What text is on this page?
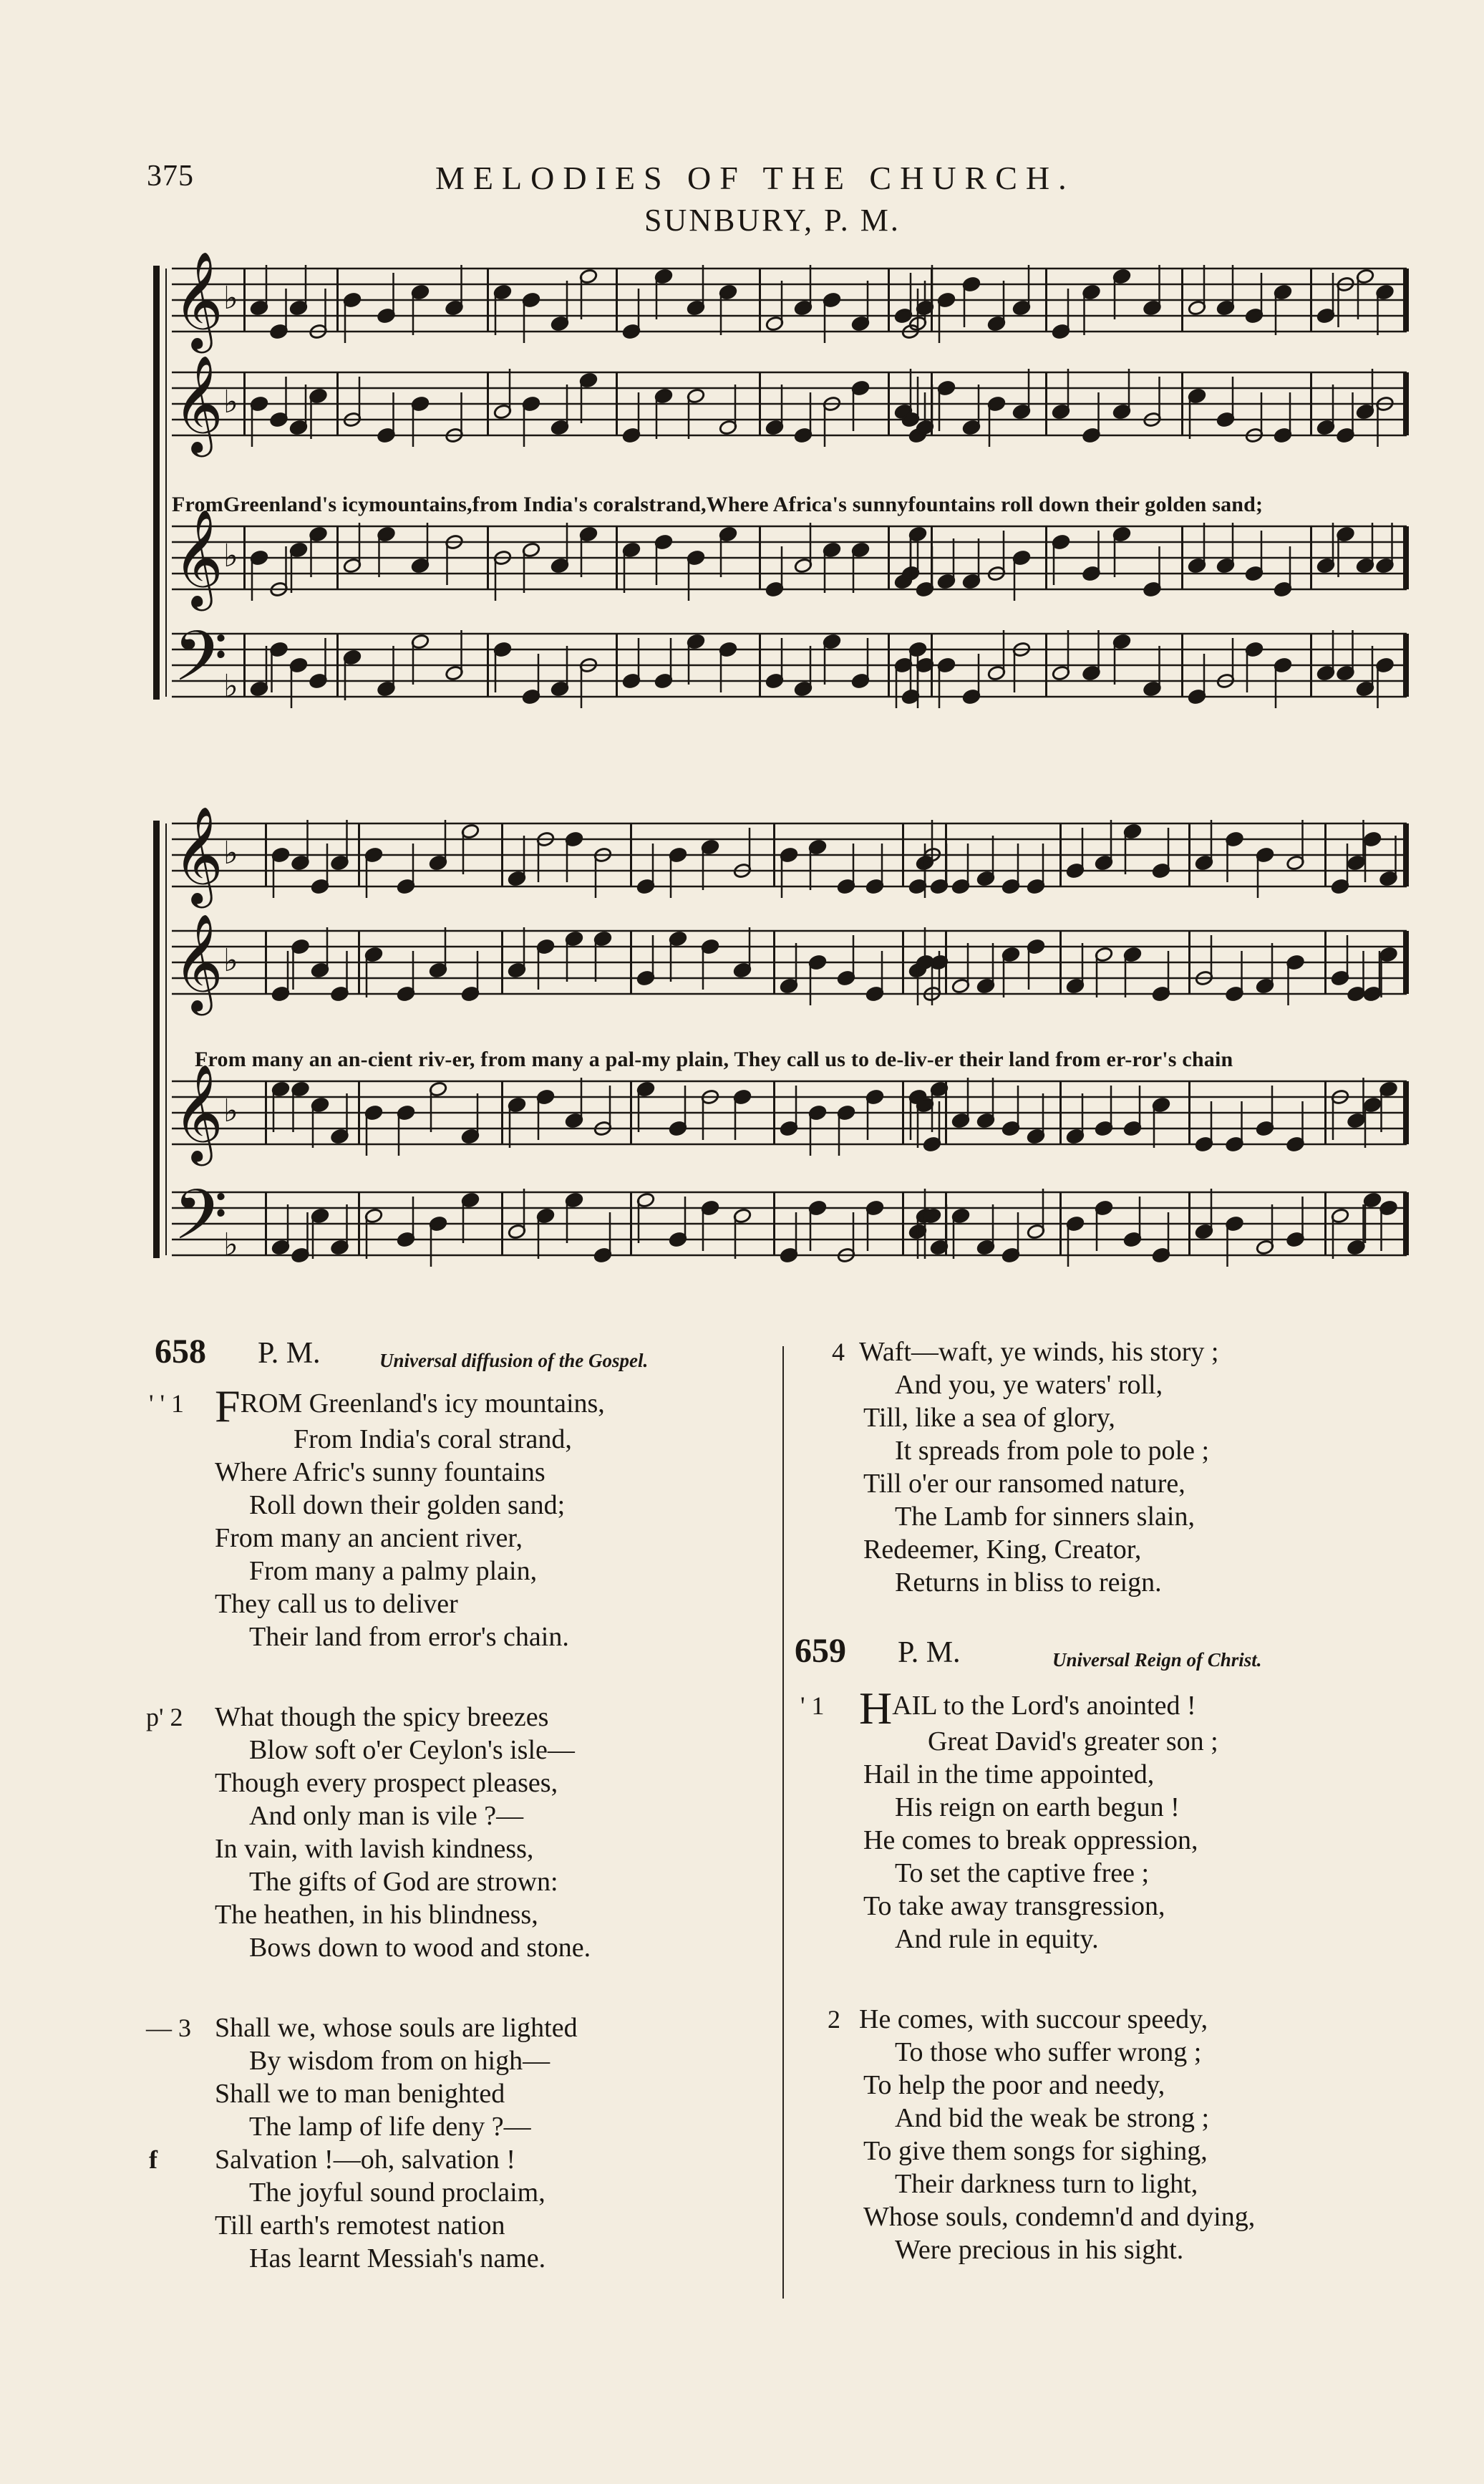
375	MELODIES OF THE CHURCH.
SUNBURY, P. M.
𝄞 ♭
𝄞 ♭
𝄞 ♭
𝄢
♭
𝄞 ♭
𝄞 ♭
𝄞 ♭
𝄢
♭
FromGreenland's icymountains,from India's coralstrand,Where Africa's sunnyfountains roll down their golden sand;
From many an an-cient riv-er, from many a pal-my plain, They call us to de-liv-er their land from er-ror's chain
658 P. M.	Universal diffusion of the Gospel.
' ' 1 FROM Greenland's icy mountains,
From India's coral strand,
Where Afric's sunny fountains
Roll down their golden sand;
From many an ancient river,
From many a palmy plain,
They call us to deliver
Their land from error's chain.
p' 2	What though the spicy breezes
Blow soft o'er Ceylon's isle—
Though every prospect pleases,
And only man is vile ?—
In vain, with lavish kindness,
The gifts of God are strown:
The heathen, in his blindness,
Bows down to wood and stone.
— 3
f
Shall we, whose souls are lighted
By wisdom from on high—
Shall we to man benighted
The lamp of life deny ?—
Salvation !—oh, salvation !
The joyful sound proclaim,
Till earth's remotest nation
Has learnt Messiah's name.
4 Waft—waft, ye winds, his story ;
And you, ye waters' roll,
Till, like a sea of glory,
It spreads from pole to pole ;
Till o'er our ransomed nature,
The Lamb for sinners slain,
Redeemer, King, Creator,
Returns in bliss to reign.
659 P. M.	Universal Reign of Christ.
' 1 HAIL to the Lord's anointed !
Great David's greater son ;
Hail in the time appointed,
His reign on earth begun !
He comes to break oppression,
To set the captive free ;
To take away transgression,
And rule in equity.
2 He comes, with succour speedy,
To those who suffer wrong ;
To help the poor and needy,
And bid the weak be strong ;
To give them songs for sighing,
Their darkness turn to light,
Whose souls, condemn'd and dying,
Were precious in his sight.
